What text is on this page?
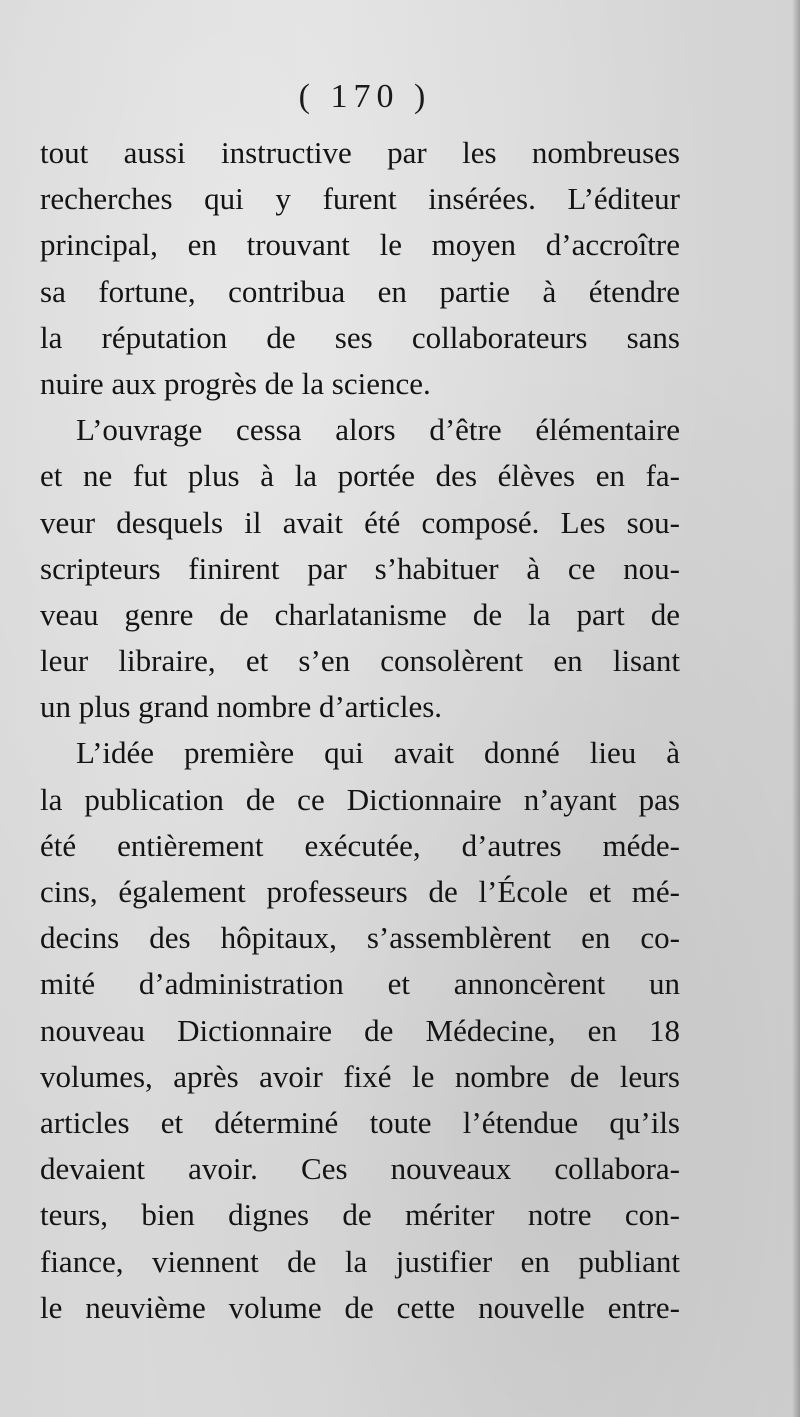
( 170 )
tout aussi instructive par les nombreuses
recherches qui y furent insérées. L’éditeur
principal, en trouvant le moyen d’accroître
sa fortune, contribua en partie à étendre
la réputation de ses collaborateurs sans
nuire aux progrès de la science.
L’ouvrage cessa alors d’être élémentaire
et ne fut plus à la portée des élèves en fa-
veur desquels il avait été composé. Les sou-
scripteurs finirent par s’habituer à ce nou-
veau genre de charlatanisme de la part de
leur libraire, et s’en consolèrent en lisant
un plus grand nombre d’articles.
L’idée première qui avait donné lieu à
la publication de ce Dictionnaire n’ayant pas
été entièrement exécutée, d’autres méde-
cins, également professeurs de l’École et mé-
decins des hôpitaux, s’assemblèrent en co-
mité d’administration et annoncèrent un
nouveau Dictionnaire de Médecine, en 18
volumes, après avoir fixé le nombre de leurs
articles et déterminé toute l’étendue qu’ils
devaient avoir. Ces nouveaux collabora-
teurs, bien dignes de mériter notre con-
fiance, viennent de la justifier en publiant
le neuvième volume de cette nouvelle entre-
